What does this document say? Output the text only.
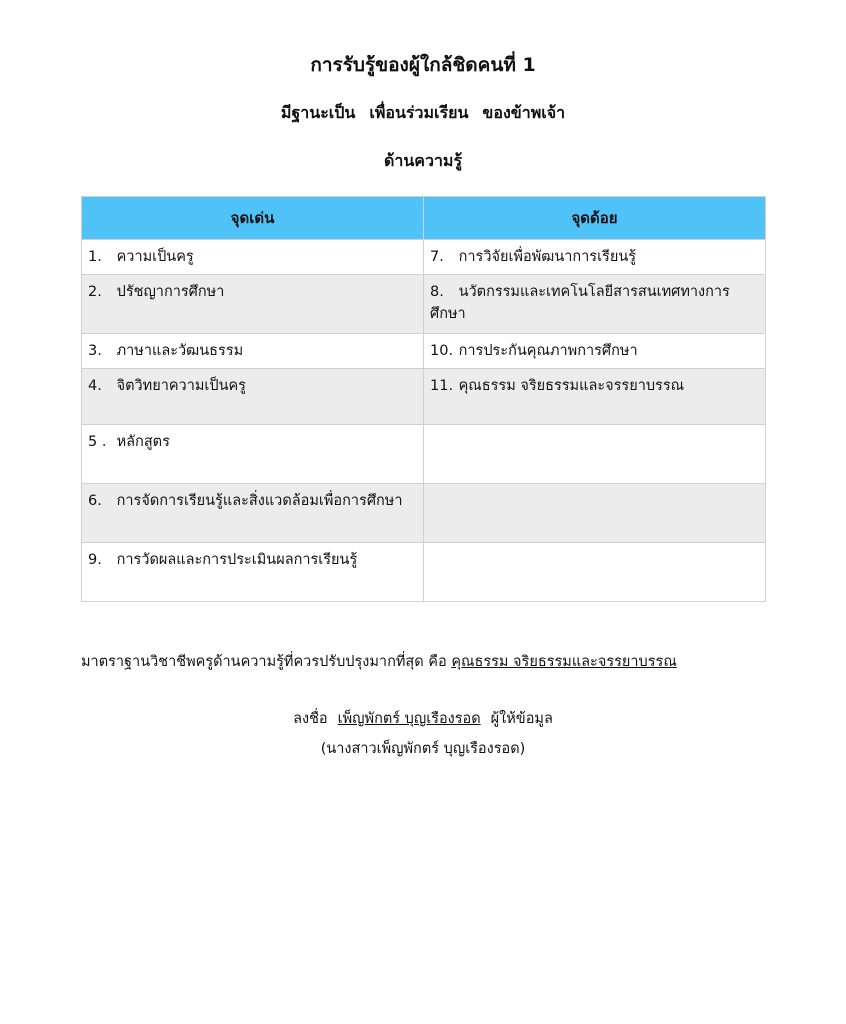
การรับรู้ของผู้ใกล้ชิดคนที่ 1
มีฐานะเป็น เพื่อนร่วมเรียน ของข้าพเจ้า
ด้านความรู้
จุดเด่น	จุดด้อย
1. ความเป็นครู	7. การวิจัยเพื่อพัฒนาการเรียนรู้
2. ปรัชญาการศึกษา	8. นวัตกรรมและเทคโนโลยีสารสนเทศทางการศึกษา
3. ภาษาและวัฒนธรรม	10. การประกันคุณภาพการศึกษา
4. จิตวิทยาความเป็นครู	11. คุณธรรม จริยธรรมและจรรยาบรรณ
5 . หลักสูตร	
6. การจัดการเรียนรู้และสิ่งแวดล้อมเพื่อการศึกษา	
9. การวัดผลและการประเมินผลการเรียนรู้	
มาตราฐานวิชาชีพครูด้านความรู้ที่ควรปรับปรุงมากที่สุด คือ คุณธรรม จริยธรรมและจรรยาบรรณ
ลงชื่อ เพ็ญพักตร์ บุญเรืองรอด ผู้ให้ข้อมูล
(นางสาวเพ็ญพักตร์ บุญเรืองรอด)
